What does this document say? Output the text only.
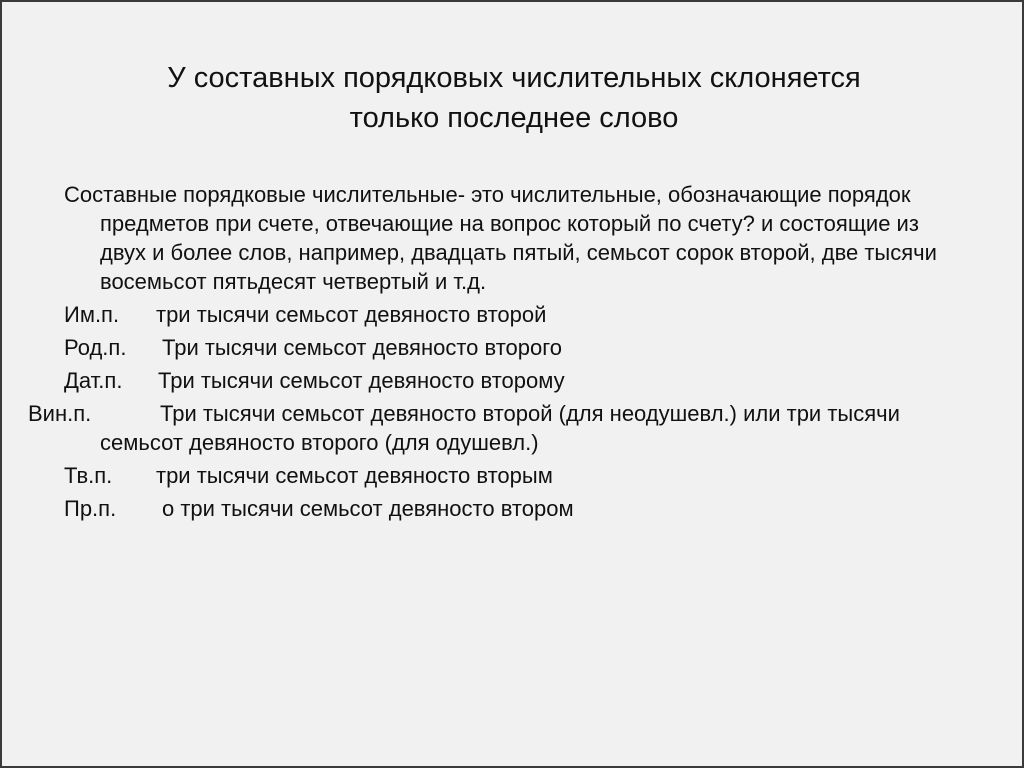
У составных порядковых числительных склоняется
только последнее слово

Составные порядковые числительные- это числительные, обозначающие порядок предметов при счете, отвечающие на вопрос который по счету? и состоящие из двух и более слов, например, двадцать пятый, семьсот сорок второй, две тысячи восемьсот пятьдесят четвертый и т.д.

Им.п. три тысячи семьсот девяносто второй
Род.п. Три тысячи семьсот девяносто второго
Дат.п. Три тысячи семьсот девяносто второму
Вин.п.	Три тысячи семьсот девяносто второй (для неодушевл.) или три тысячи семьсот девяносто второго (для одушевл.)
Тв.п. три тысячи семьсот девяносто вторым
Пр.п. о три тысячи семьсот девяносто втором
